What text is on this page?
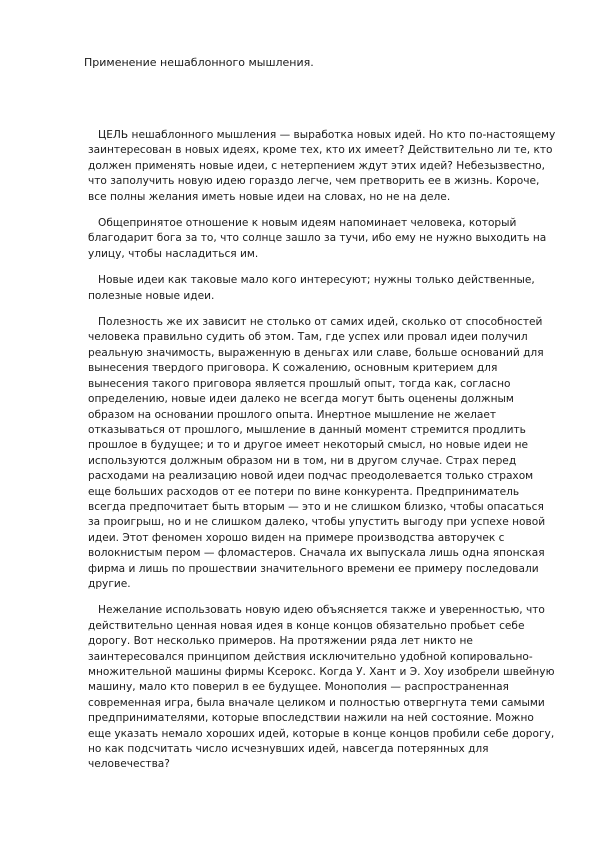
Применение нешаблонного мышления.

ЦЕЛЬ нешаблонного мышления — выработка новых идей. Но кто по-настоящему заинтересован в новых идеях, кроме тех, кто их имеет? Действительно ли те, кто должен применять новые идеи, с нетерпением ждут этих идей? Небезызвестно, что заполучить новую идею гораздо легче, чем претворить ее в жизнь. Короче, все полны желания иметь новые идеи на словах, но не на деле.

Общепринятое отношение к новым идеям напоминает человека, который благодарит бога за то, что солнце зашло за тучи, ибо ему не нужно выходить на улицу, чтобы насладиться им.

Новые идеи как таковые мало кого интересуют; нужны только действенные, полезные новые идеи.

Полезность же их зависит не столько от самих идей, сколько от способностей человека правильно судить об этом. Там, где успех или провал идеи получил реальную значимость, выраженную в деньгах или славе, больше оснований для вынесения твердого приговора. К сожалению, основным критерием для вынесения такого приговора является прошлый опыт, тогда как, согласно определению, новые идеи далеко не всегда могут быть оценены должным образом на основании прошлого опыта. Инертное мышление не желает отказываться от прошлого, мышление в данный момент стремится продлить прошлое в будущее; и то и другое имеет некоторый смысл, но новые идеи не используются должным образом ни в том, ни в другом случае. Страх перед расходами на реализацию новой идеи подчас преодолевается только страхом еще больших расходов от ее потери по вине конкурента. Предприниматель всегда предпочитает быть вторым — это и не слишком близко, чтобы опасаться за проигрыш, но и не слишком далеко, чтобы упустить выгоду при успехе новой идеи. Этот феномен хорошо виден на примере производства авторучек с волокнистым пером — фломастеров. Сначала их выпускала лишь одна японская фирма и лишь по прошествии значительного времени ее примеру последовали другие.

Нежелание использовать новую идею объясняется также и уверенностью, что действительно ценная новая идея в конце концов обязательно пробьет себе дорогу. Вот несколько примеров. На протяжении ряда лет никто не заинтересовался принципом действия исключительно удобной копировально-множительной машины фирмы Ксерокс. Когда У. Хант и Э. Хоу изобрели швейную машину, мало кто поверил в ее будущее. Монополия — распространенная современная игра, была вначале целиком и полностью отвергнута теми самыми предпринимателями, которые впоследствии нажили на ней состояние. Можно еще указать немало хороших идей, которые в конце концов пробили себе дорогу, но как подсчитать число исчезнувших идей, навсегда потерянных для человечества?
